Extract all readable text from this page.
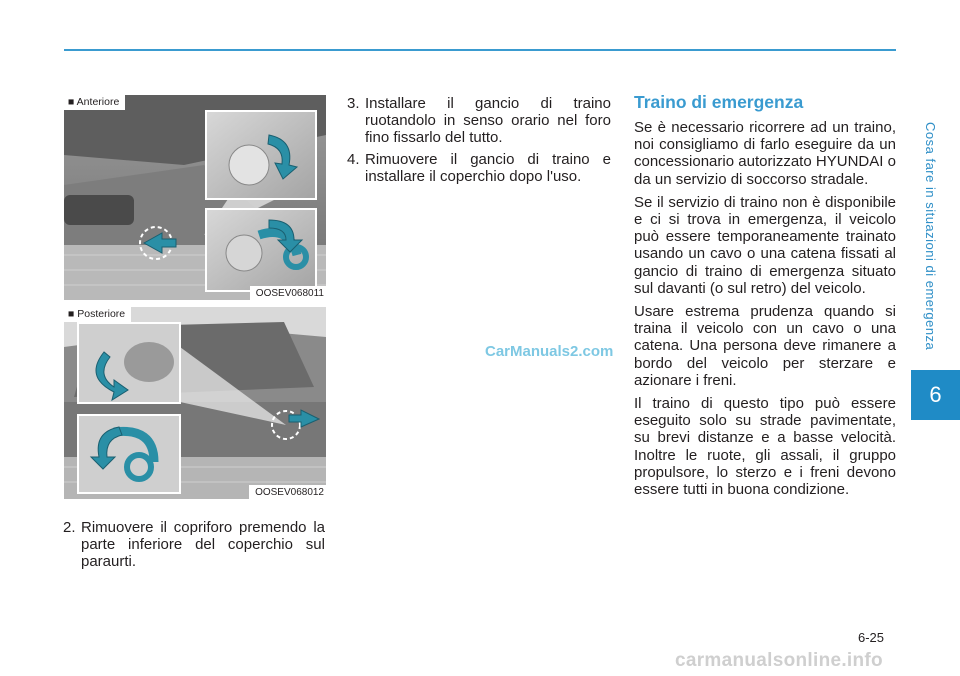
Cosa fare in situazioni di emergenza
6
■ Anteriore
OOSEV068011
■ Posteriore
OOSEV068012
2. Rimuovere il copriforo premendo la parte inferiore del coperchio sul paraurti.
3. Installare il gancio di traino ruotandolo in senso orario nel foro fino fissarlo del tutto.
4. Rimuovere il gancio di traino e installare il coperchio dopo l'uso.
Traino di emergenza

Se è necessario ricorrere ad un traino, noi consigliamo di farlo eseguire da un concessionario autorizzato HYUNDAI o da un servizio di soccorso stradale.

Se il servizio di traino non è disponibile e ci si trova in emergenza, il veicolo può essere temporaneamente trainato usando un cavo o una catena fissati al gancio di traino di emergenza situato sul davanti (o sul retro) del veicolo.

Usare estrema prudenza quando si traina il veicolo con un cavo o una catena. Una persona deve rimanere a bordo del veicolo per sterzare e azionare i freni.

Il traino di questo tipo può essere eseguito solo su strade pavimentate, su brevi distanze e a basse velocità. Inoltre le ruote, gli assali, il gruppo propulsore, lo sterzo e i freni devono essere tutti in buona condizione.

CarManuals2.com
6-25
carmanualsonline.info
